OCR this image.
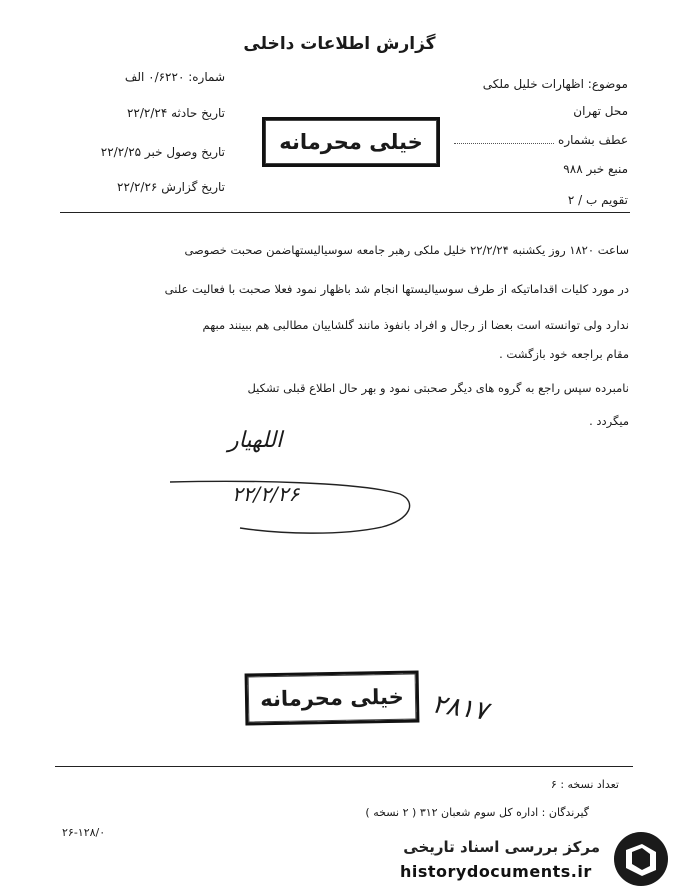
گزارش اطلاعات داخلی
شماره: ۰/۶۲۲۰ الف
تاریخ حادثه ۲۲/۲/۲۴
تاریخ وصول خبر ۲۲/۲/۲۵
تاریخ گزارش ۲۲/۲/۲۶
خیلی محرمانه
موضوع: اظهارات خلیل ملکی
محل تهران
عطف بشماره
منبع خبر ۹۸۸
تقویم ب / ۲
ساعت ۱۸۲۰ روز یکشنبه ۲۲/۲/۲۴ خلیل ملکی رهبر جامعه سوسیالیستهاضمن صحبت خصوصی
در مورد کلیات اقداماتیکه از طرف سوسیالیستها انجام شد باظهار نمود فعلا صحبت با فعالیت علنی
ندارد ولی توانسته است بعضا از رجال و افراد بانفوذ مانند گلشاییان مطالبی هم ببینند مبهم
مقام براجعه خود بازگشت .
نامبرده سپس راجع به گروه های دیگر صحبتی نمود و بهر حال اطلاع قبلی تشکیل
میگردد .
اللهیار
۲۲/۲/۲۶
خیلی محرمانه	۲۸۱۷
تعداد نسخه : ۶
گیرندگان : اداره کل سوم شعبان ۳۱۲ ( ۲ نسخه )
۲۶-۱۲۸/۰
مرکز بررسی اسناد تاریخی
historydocuments.ir
